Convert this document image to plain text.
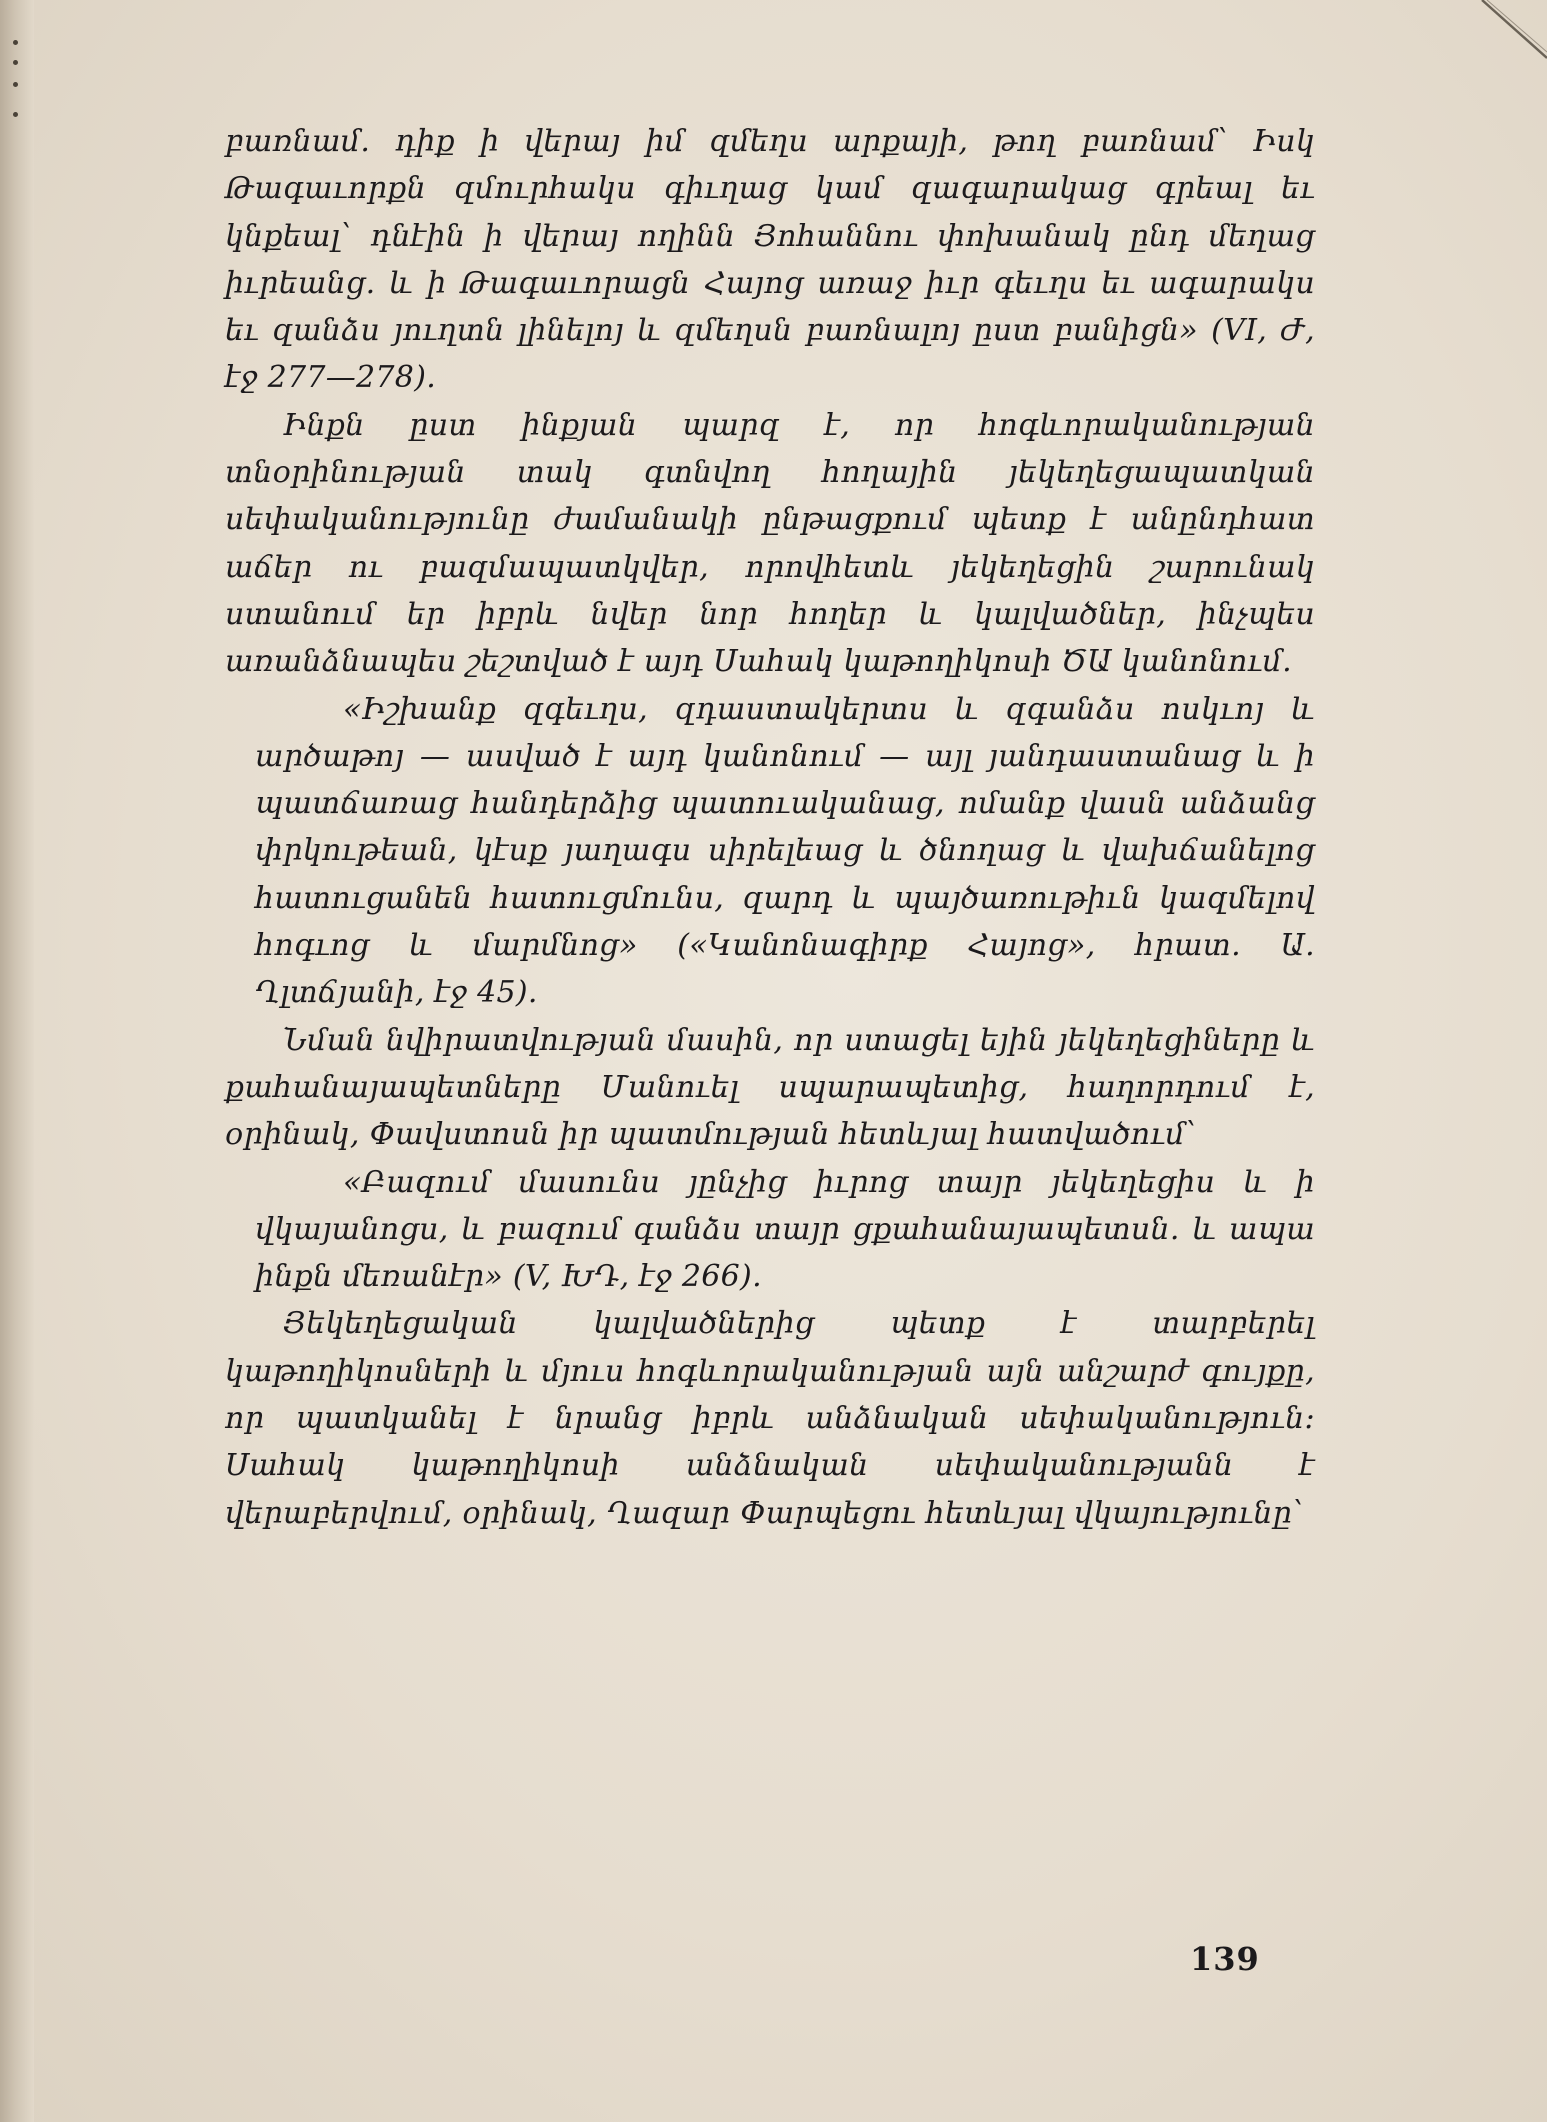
բառնամ. դիք ի վերայ իմ զմեղս արքայի, թող բառնամ՝ Իսկ Թագաւորքն զմուրհակս գիւղաց կամ զագարակաց գրեալ եւ կնքեալ՝ դնէին ի վերայ ողինն Յոհաննու փոխանակ ընդ մեղաց իւրեանց. և ի Թագաւորացն Հայոց առաջ իւր գեւղս եւ ագարակս եւ զանձս յուղտն լինելոյ և զմեղսն բառնալոյ ըստ բանիցն» (VI, Ժ, էջ 277—278).

Ինքն ըստ ինքյան պարզ է, որ հոգևորականության տնօրինության տակ գտնվող հողային յեկեղեցապատկան սեփականությունը ժամանակի ընթացքում պետք է անընդհատ աճեր ու բազմապատկվեր, որովհետև յեկեղեցին շարունակ ստանում եր իբրև նվեր նոր հողեր և կալվածներ, ինչպես առանձնապես շեշտված է այդ Սահակ կաթողիկոսի ԾԱ կանոնում.

«Իշխանք զգեւղս, զդաստակերտս և զգանձս ոսկւոյ և արծաթոյ — ասված է այդ կանոնում — այլ յանդաստանաց և ի պատճառաց հանդերձից պատուականաց, ոմանք վասն անձանց փրկութեան, կէսք յաղագս սիրելեաց և ծնողաց և վախճանելոց հատուցանեն հատուցմունս, զարդ և պայծառութիւն կազմելով հոգւոց և մարմնոց» («Կանոնագիրք Հայոց», հրատ. Ա. Ղլտճյանի, էջ 45).

Նման նվիրատվության մասին, որ ստացել եյին յեկեղեցիները և քահանայապետները Մանուել սպարապետից, հաղորդում է, օրինակ, Փավստոսն իր պատմության հետևյալ հատվածում՝

«Բազում մասունս յընչից իւրոց տայր յեկեղեցիս և ի վկայանոցս, և բազում գանձս տայր ցքահանայապետսն. և ապա ինքն մեռանէր» (V, ԽԴ, էջ 266).

Յեկեղեցական կալվածներից պետք է տարբերել կաթողիկոսների և մյուս հոգևորականության այն անշարժ գույքը, որ պատկանել է նրանց իբրև անձնական սեփականություն։ Սահակ կաթողիկոսի անձնական սեփականությանն է վերաբերվում, օրինակ, Ղազար Փարպեցու հետևյալ վկայությունը՝

139
